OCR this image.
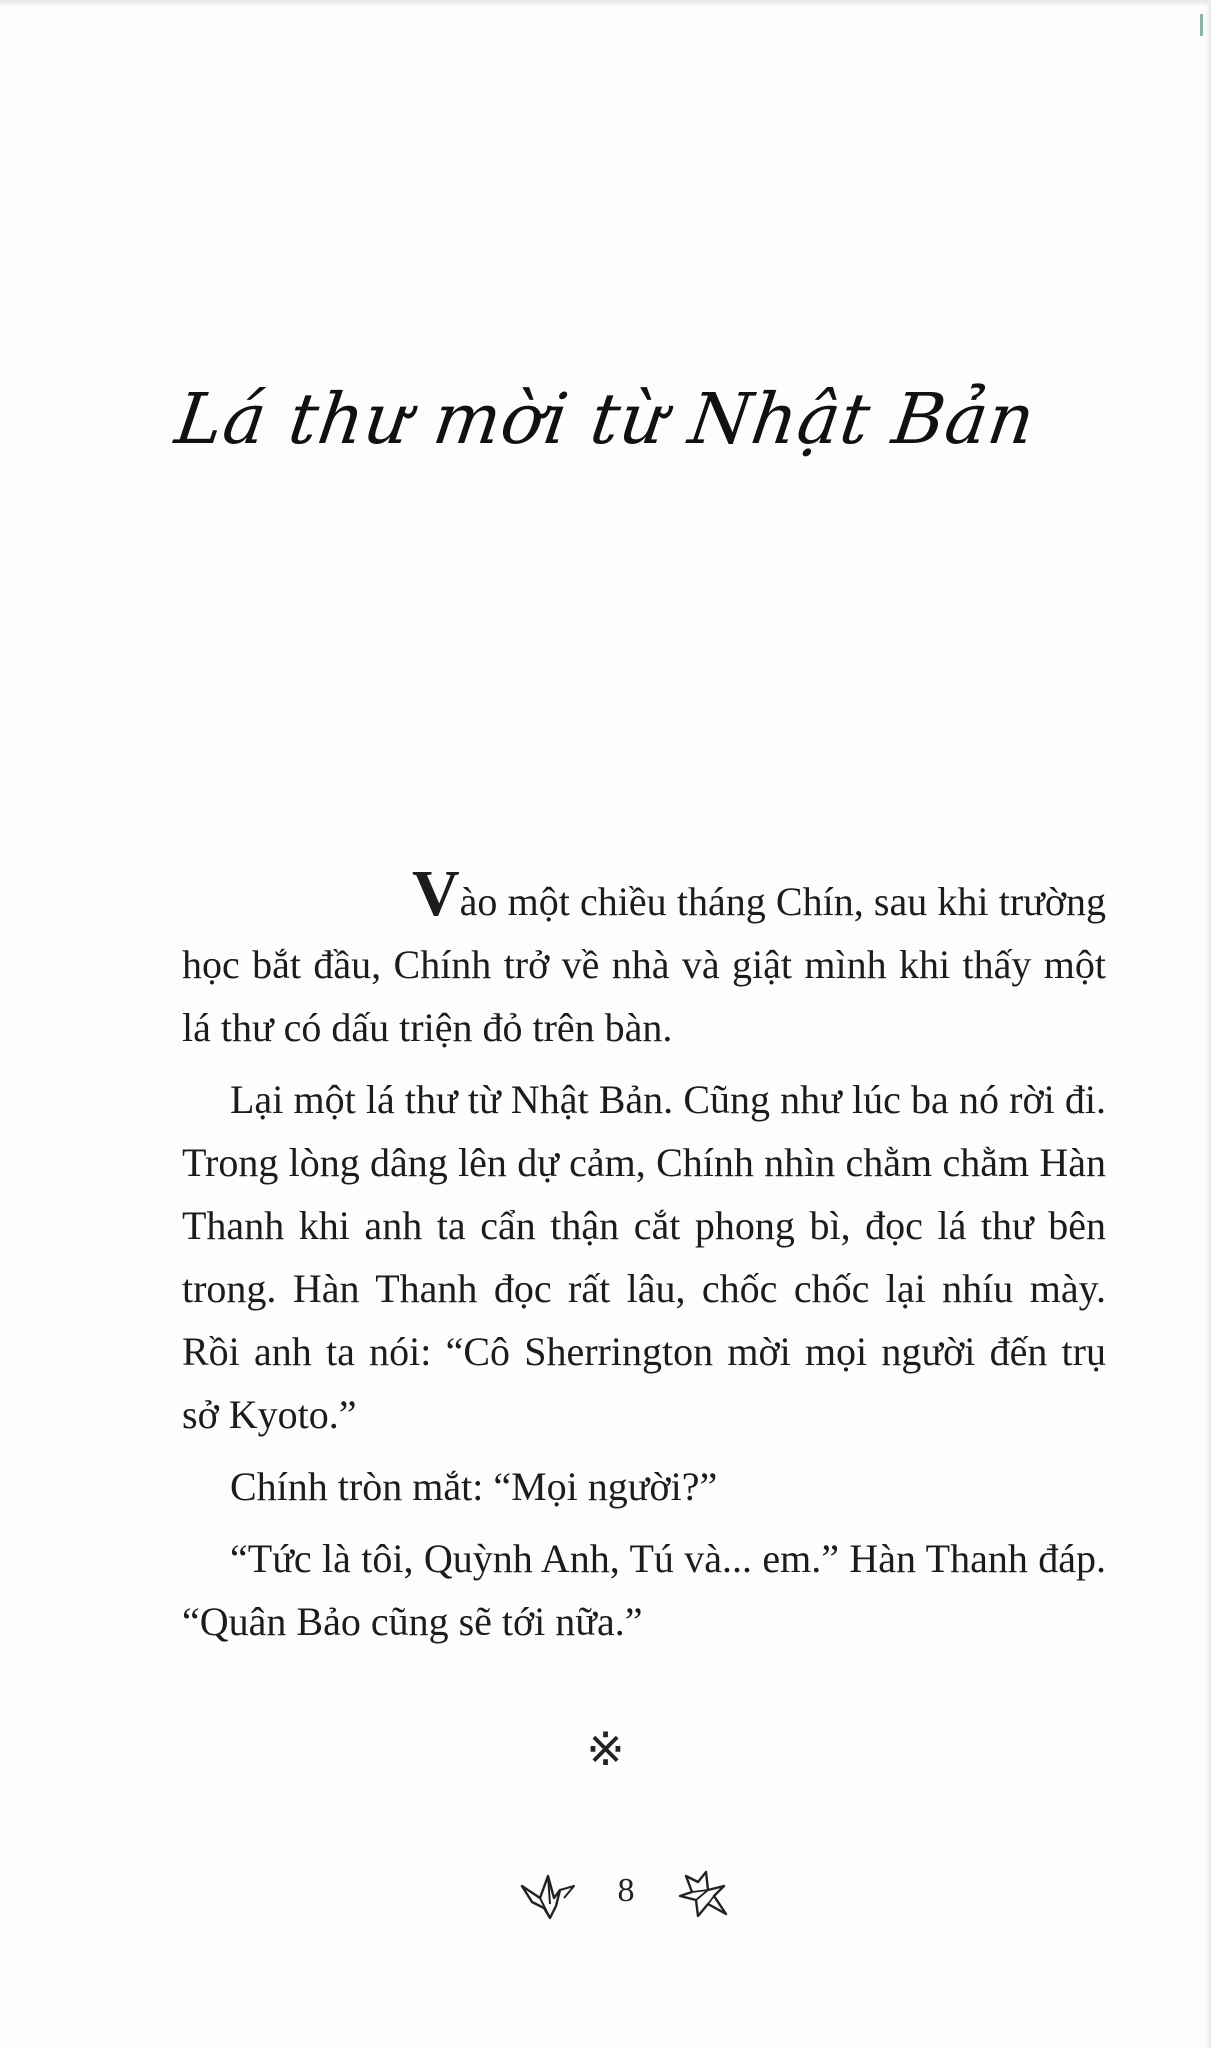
Lá thư mời từ Nhật Bản

Vào một chiều tháng Chín, sau khi trường học bắt đầu, Chính trở về nhà và giật mình khi thấy một lá thư có dấu triện đỏ trên bàn.

Lại một lá thư từ Nhật Bản. Cũng như lúc ba nó rời đi. Trong lòng dâng lên dự cảm, Chính nhìn chằm chằm Hàn Thanh khi anh ta cẩn thận cắt phong bì, đọc lá thư bên trong. Hàn Thanh đọc rất lâu, chốc chốc lại nhíu mày. Rồi anh ta nói: “Cô Sherrington mời mọi người đến trụ sở Kyoto.”

Chính tròn mắt: “Mọi người?”

“Tức là tôi, Quỳnh Anh, Tú và... em.” Hàn Thanh đáp. “Quân Bảo cũng sẽ tới nữa.”

※
8
